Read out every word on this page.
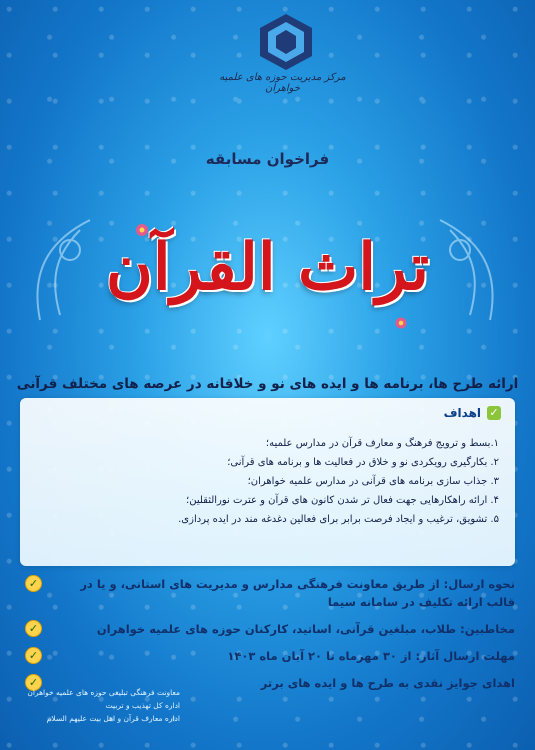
مرکز مدیریت حوزه های علمیه خواهران
فراخوان مسابقه
تراث القرآن
ارائه طرح ها، برنامه ها و ایده های نو و خلاقانه در عرصه های مختلف قرآنی
✓
اهداف
۱.بسط و ترویج فرهنگ و معارف قرآن در مدارس علمیه؛
۲. بکارگیری رویکردی نو و خلاق در فعالیت ها و برنامه های قرآنی؛
۳. جذاب سازی برنامه های قرآنی در مدارس علمیه خواهران؛
۴. ارائه راهکارهایی جهت فعال تر شدن کانون های قرآن و عترت نورالثقلین؛
۵. تشویق، ترغیب و ایجاد فرصت برابر برای فعالین دغدغه مند در ایده پردازی.
نحوه ارسال: از طریق معاونت فرهنگی مدارس و مدیریت های استانی، و یا در قالب ارائه تکلیف در سامانه سیما
✓
مخاطبین: طلاب، مبلغین قرآنی، اساتید، کارکنان حوزه های علمیه خواهران
✓
مهلت ارسال آثار: از ۳۰ مهرماه تا ۲۰ آبان ماه ۱۴۰۳
✓
اهدای جوایز نقدی به طرح ها و ایده های برتر
✓
معاونت فرهنگی تبلیغی حوزه های علمیه خواهران
اداره کل تهذیب و تربیت
اداره معارف قرآن و اهل بیت علیهم السلام
